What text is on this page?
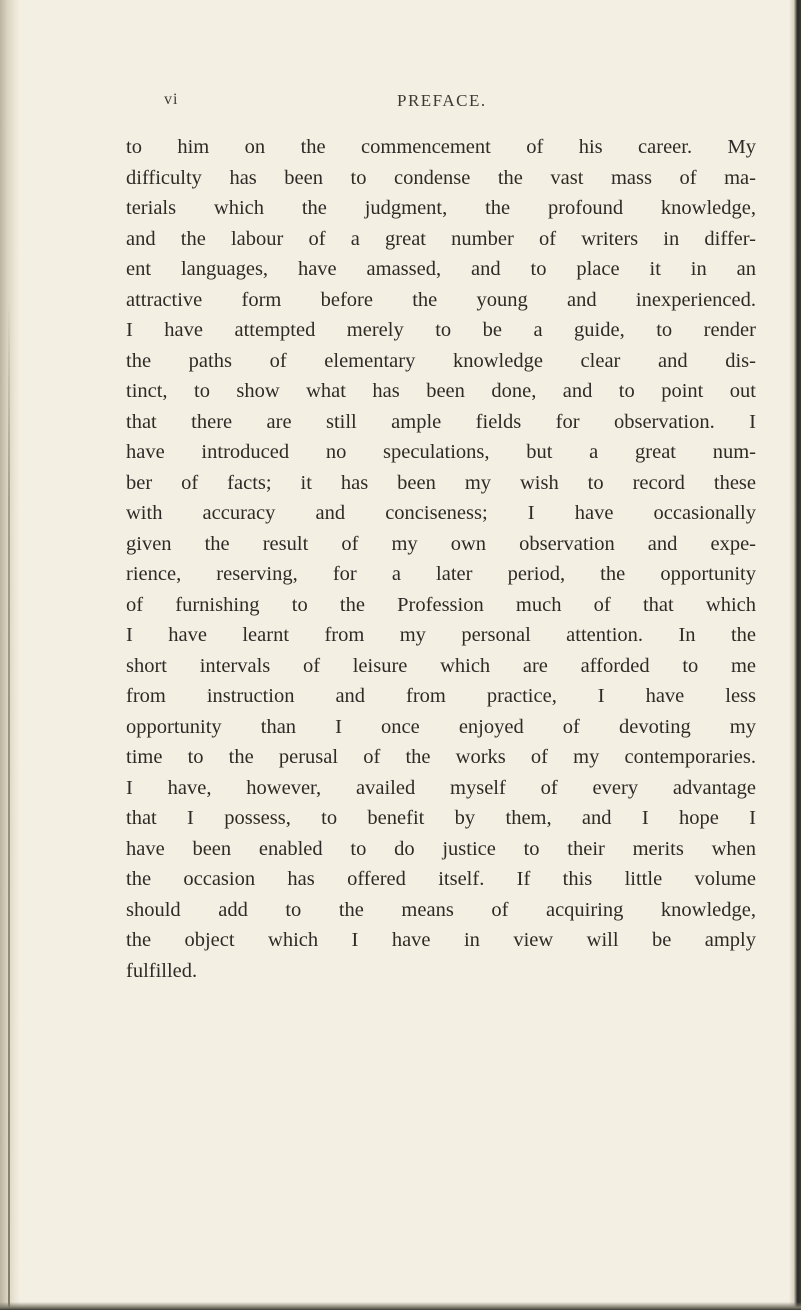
vi	PREFACE.
to him on the commencement of his career. My
difficulty has been to condense the vast mass of ma-
terials which the judgment, the profound knowledge,
and the labour of a great number of writers in differ-
ent languages, have amassed, and to place it in an
attractive form before the young and inexperienced.
I have attempted merely to be a guide, to render
the paths of elementary knowledge clear and dis-
tinct, to show what has been done, and to point out
that there are still ample fields for observation. I
have introduced no speculations, but a great num-
ber of facts; it has been my wish to record these
with accuracy and conciseness; I have occasionally
given the result of my own observation and expe-
rience, reserving, for a later period, the opportunity
of furnishing to the Profession much of that which
I have learnt from my personal attention. In the
short intervals of leisure which are afforded to me
from instruction and from practice, I have less
opportunity than I once enjoyed of devoting my
time to the perusal of the works of my contemporaries.
I have, however, availed myself of every advantage
that I possess, to benefit by them, and I hope I
have been enabled to do justice to their merits when
the occasion has offered itself. If this little volume
should add to the means of acquiring knowledge,
the object which I have in view will be amply
fulfilled.
